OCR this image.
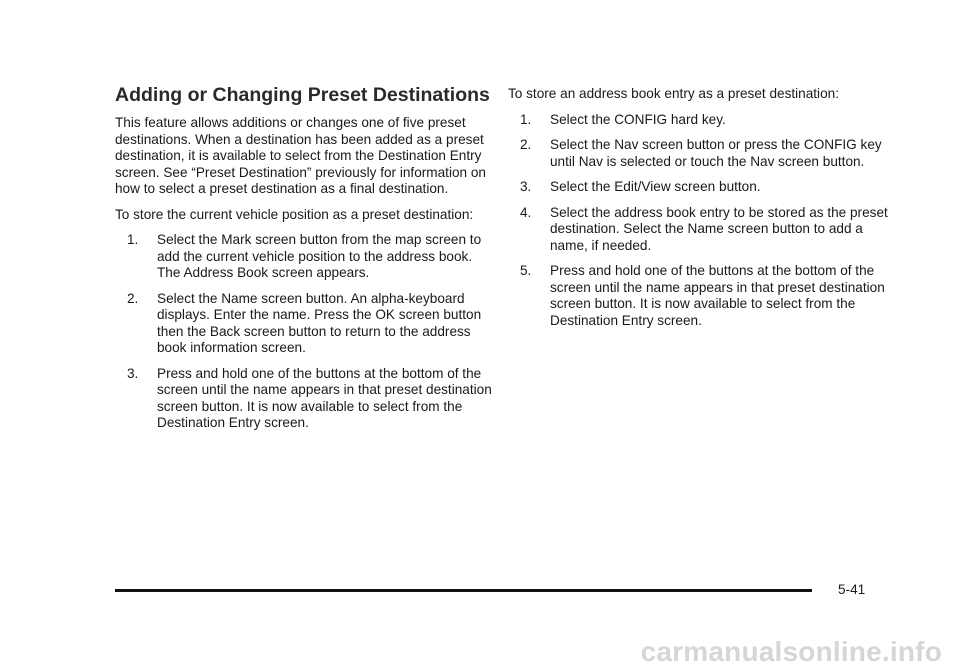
Adding or Changing Preset Destinations

This feature allows additions or changes one of five preset destinations. When a destination has been added as a preset destination, it is available to select from the Destination Entry screen. See “Preset Destination” previously for information on how to select a preset destination as a final destination.

To store the current vehicle position as a preset destination:

1. Select the Mark screen button from the map screen to add the current vehicle position to the address book. The Address Book screen appears.
2. Select the Name screen button. An alpha-keyboard displays. Enter the name. Press the OK screen button then the Back screen button to return to the address book information screen.
3. Press and hold one of the buttons at the bottom of the screen until the name appears in that preset destination screen button. It is now available to select from the Destination Entry screen.

To store an address book entry as a preset destination:

1. Select the CONFIG hard key.
2. Select the Nav screen button or press the CONFIG key until Nav is selected or touch the Nav screen button.
3. Select the Edit/View screen button.
4. Select the address book entry to be stored as the preset destination. Select the Name screen button to add a name, if needed.
5. Press and hold one of the buttons at the bottom of the screen until the name appears in that preset destination screen button. It is now available to select from the Destination Entry screen.
5-41
carmanualsonline.info
